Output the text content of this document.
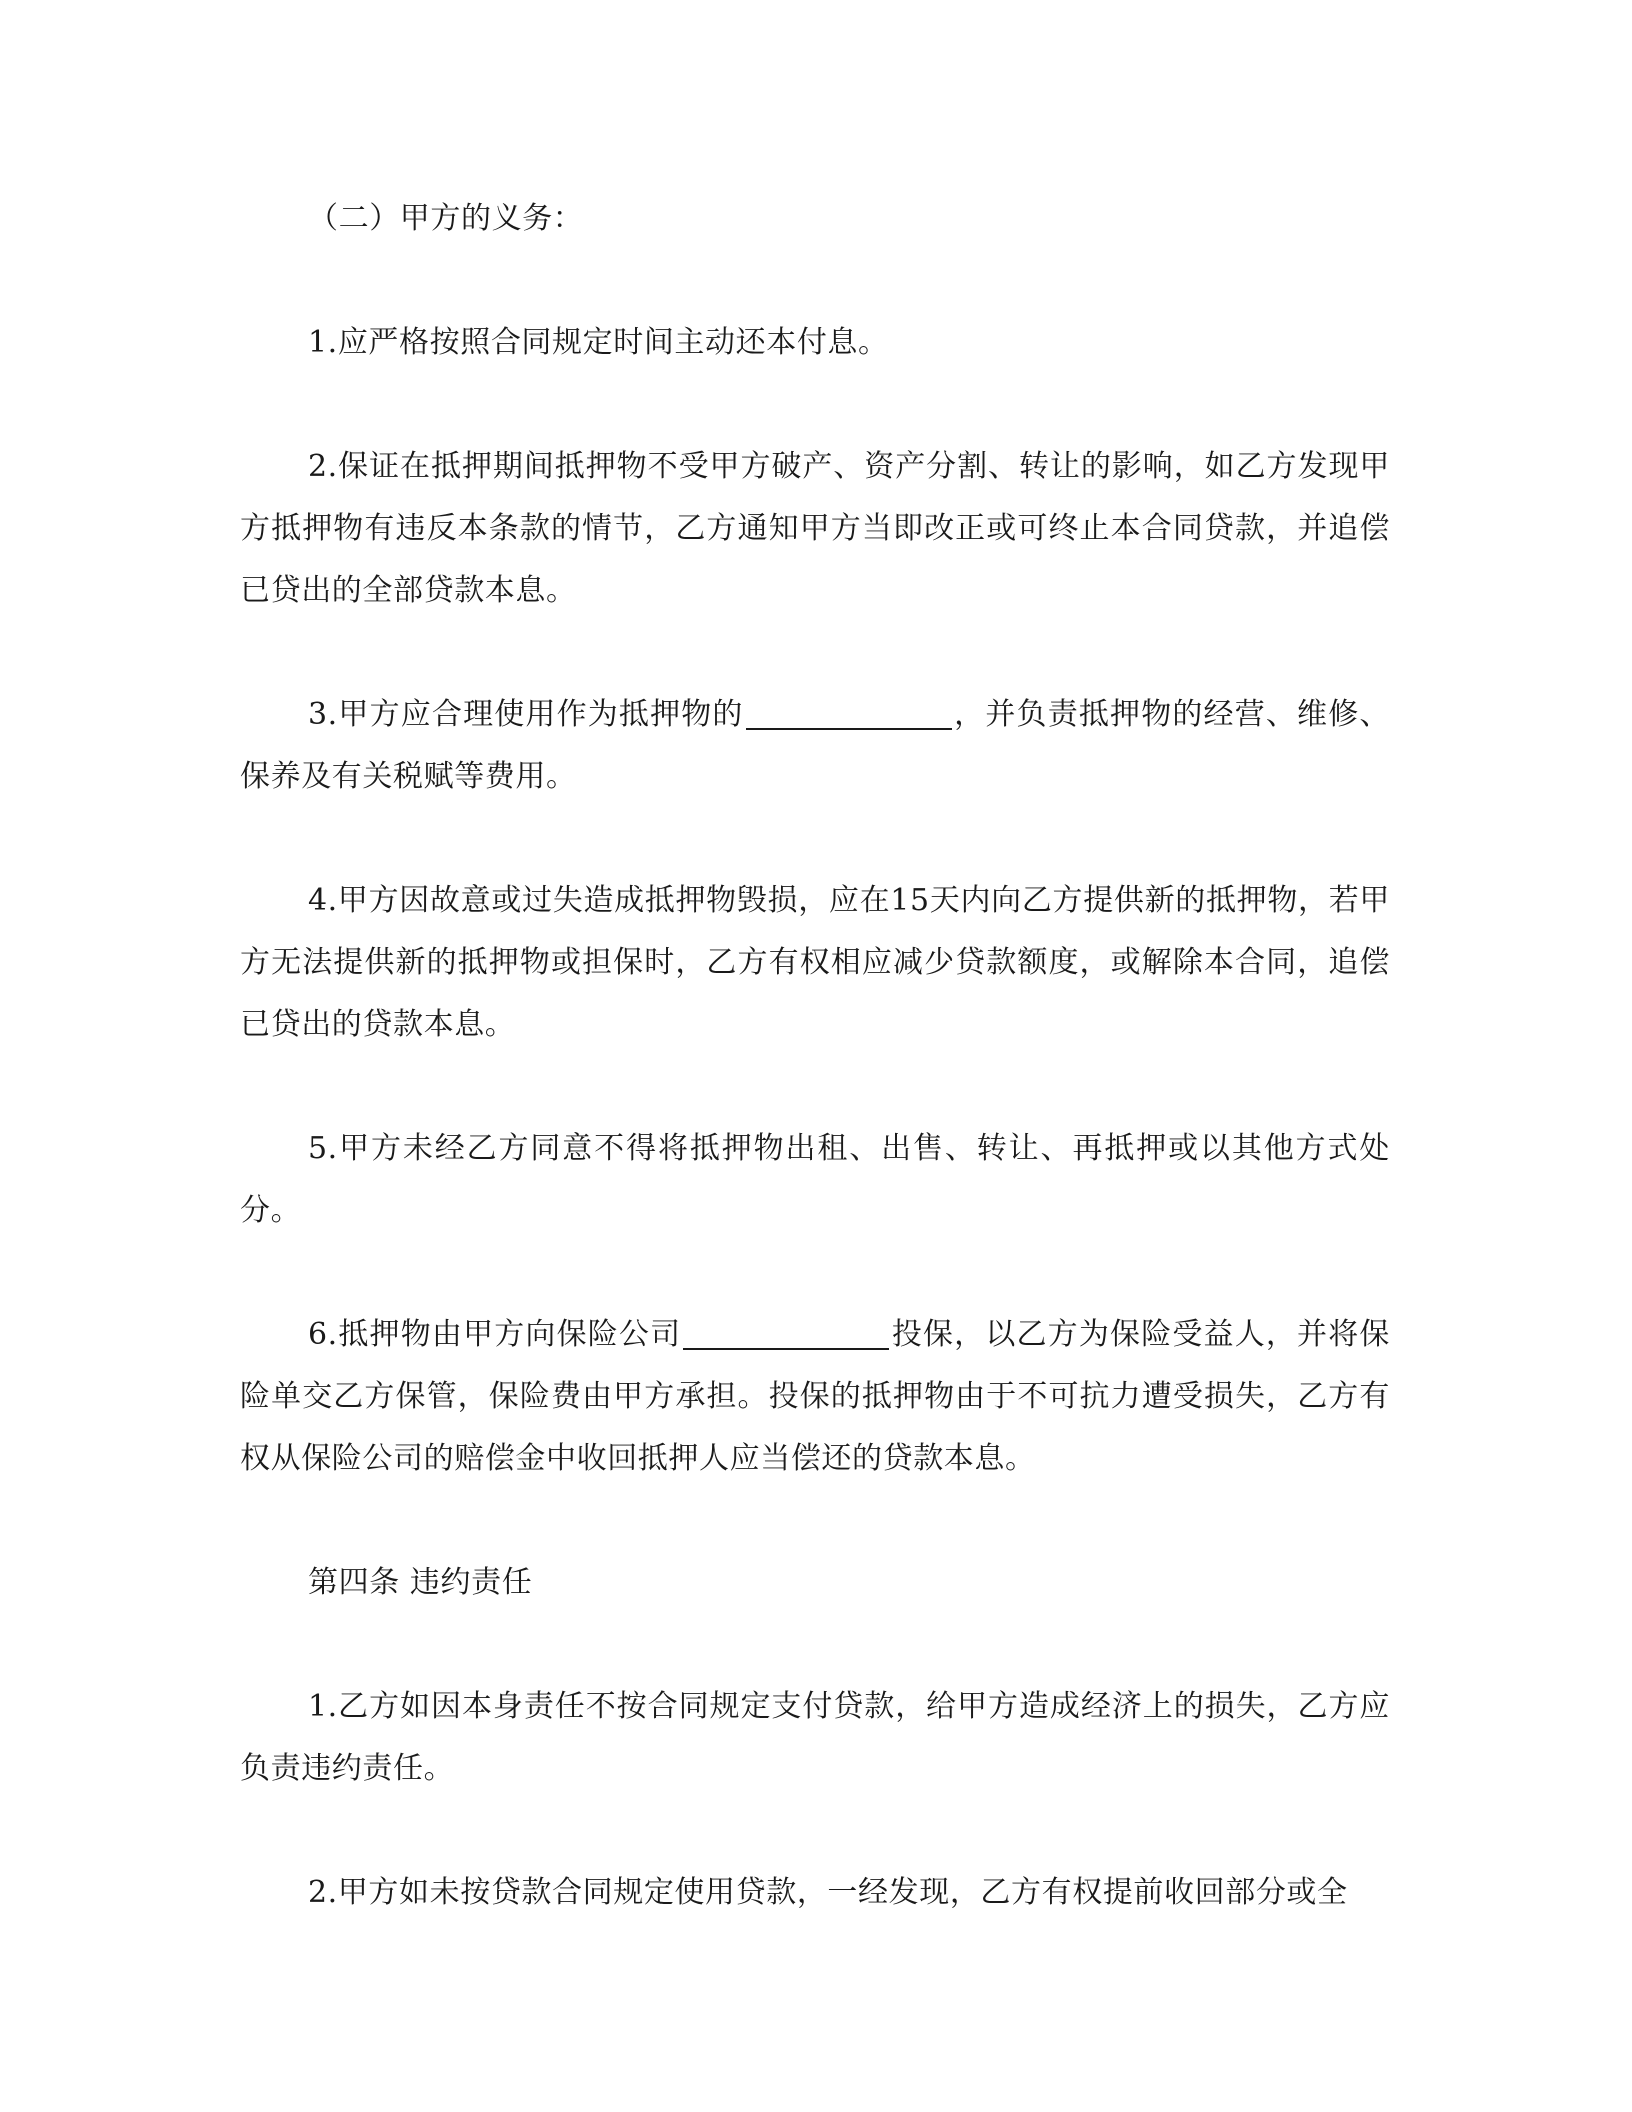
（二）甲方的义务：

1.应严格按照合同规定时间主动还本付息。

2.保证在抵押期间抵押物不受甲方破产、资产分割、转让的影响，如乙方发现甲方抵押物有违反本条款的情节，乙方通知甲方当即改正或可终止本合同贷款，并追偿已贷出的全部贷款本息。

3.甲方应合理使用作为抵押物的	，并负责抵押物的经营、维修、保养及有关税赋等费用。

4.甲方因故意或过失造成抵押物毁损，应在15天内向乙方提供新的抵押物，若甲方无法提供新的抵押物或担保时，乙方有权相应减少贷款额度，或解除本合同，追偿已贷出的贷款本息。

5.甲方未经乙方同意不得将抵押物出租、出售、转让、再抵押或以其他方式处分。

6.抵押物由甲方向保险公司	投保，以乙方为保险受益人，并将保险单交乙方保管，保险费由甲方承担。投保的抵押物由于不可抗力遭受损失，乙方有权从保险公司的赔偿金中收回抵押人应当偿还的贷款本息。

第四条 违约责任

1.乙方如因本身责任不按合同规定支付贷款，给甲方造成经济上的损失，乙方应负责违约责任。

2.甲方如未按贷款合同规定使用贷款，一经发现，乙方有权提前收回部分或全
